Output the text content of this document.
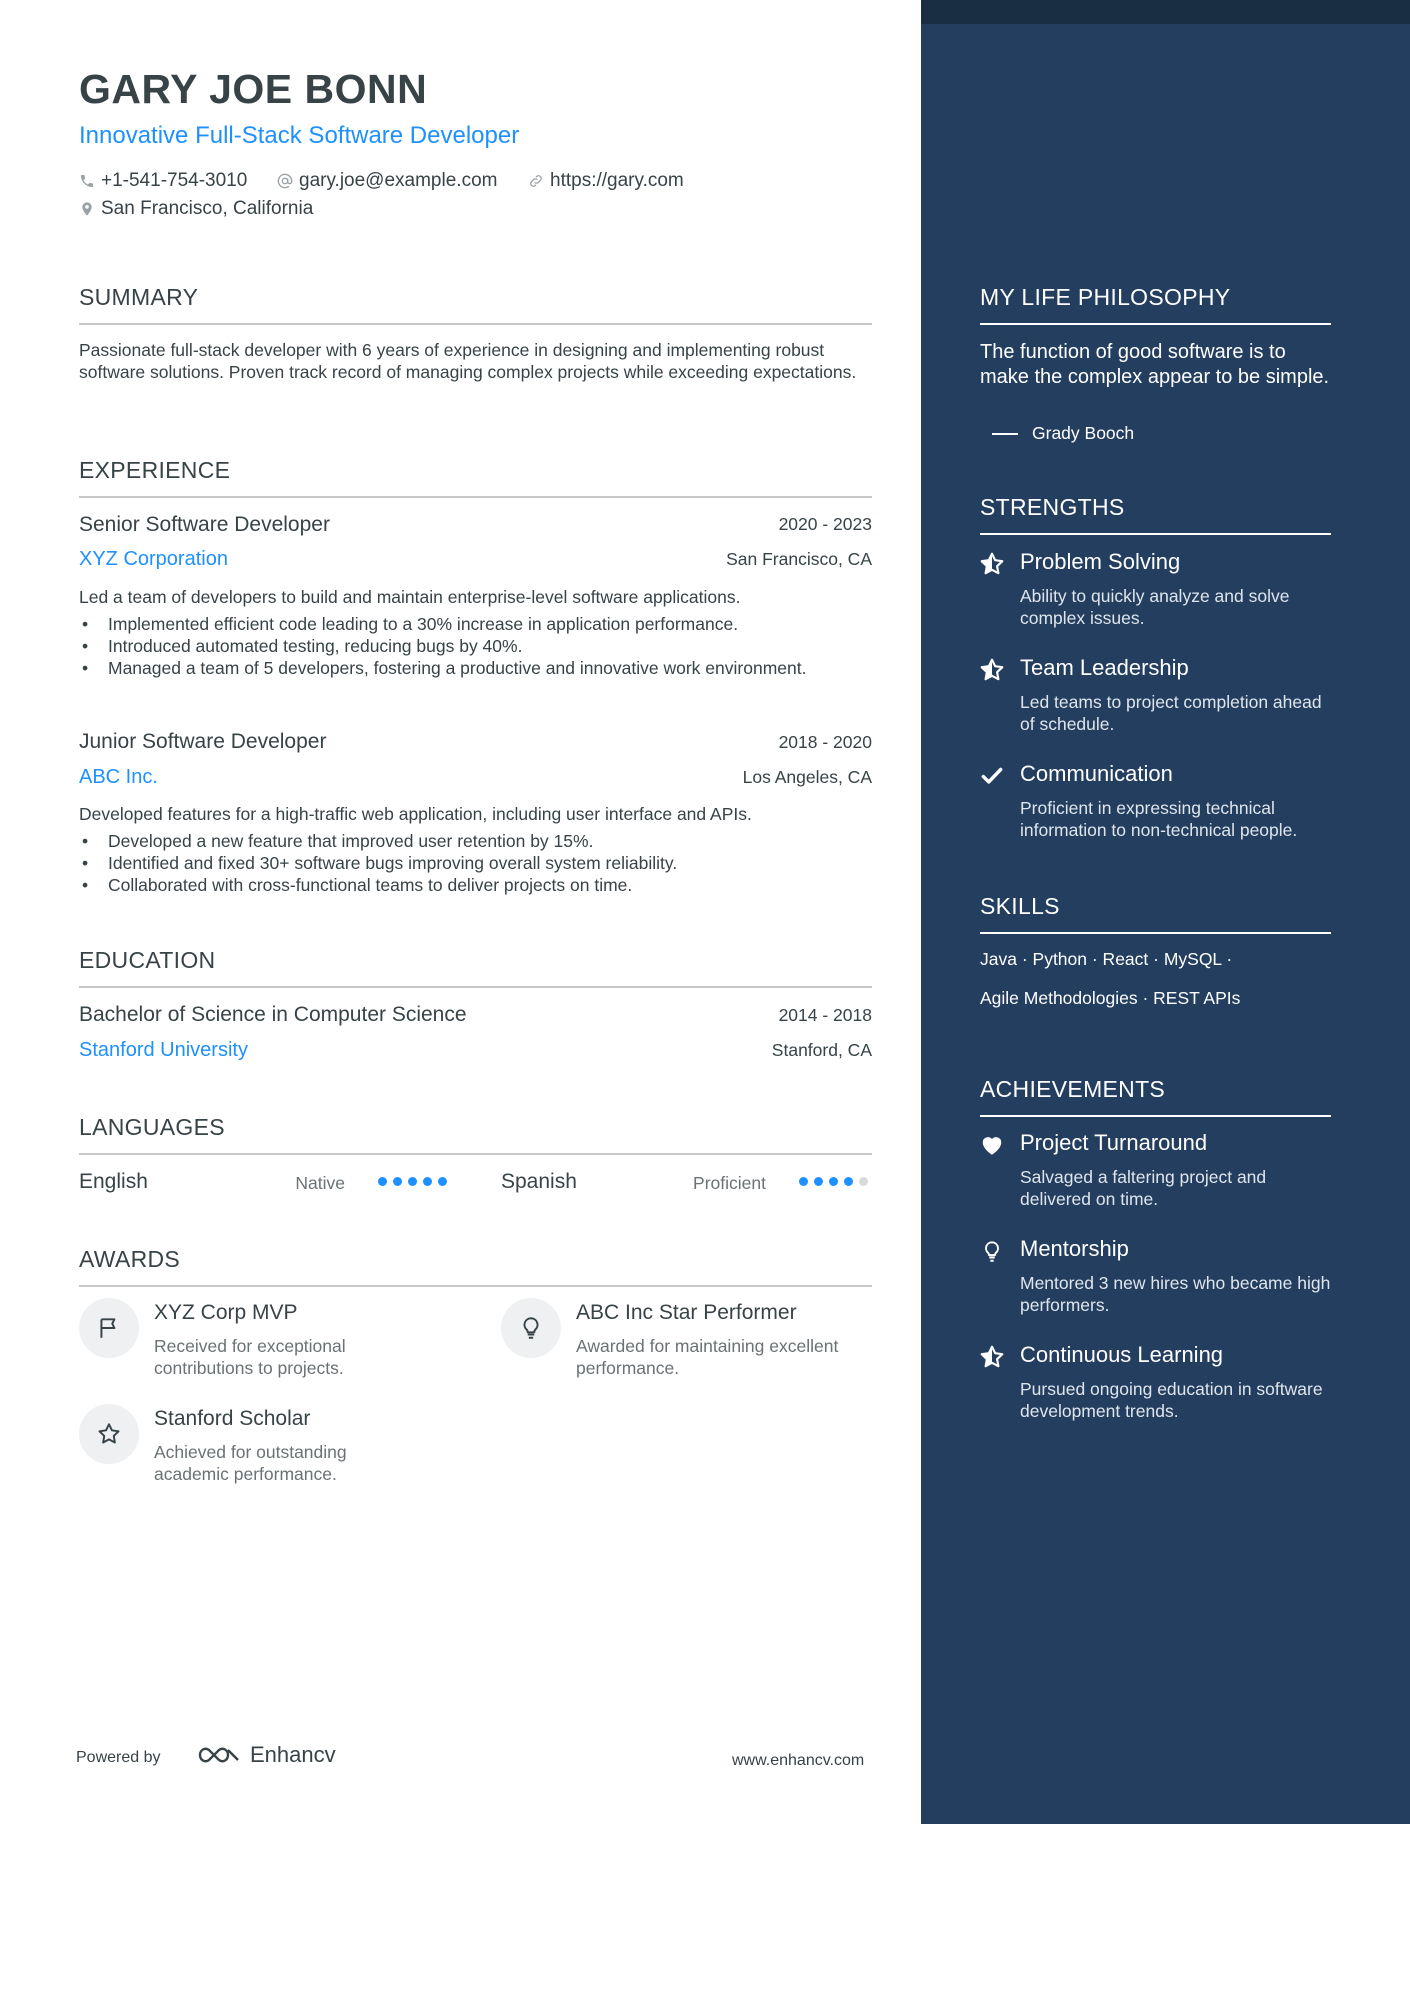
GARY JOE BONN
Innovative Full-Stack Software Developer
+1-541-754-3010	gary.joe@example.com	https://gary.com
San Francisco, California
SUMMARY
Passionate full-stack developer with 6 years of experience in designing and implementing robust software solutions. Proven track record of managing complex projects while exceeding expectations.
EXPERIENCE
Senior Software Developer	2020 - 2023
XYZ Corporation	San Francisco, CA
Led a team of developers to build and maintain enterprise-level software applications.
• Implemented efficient code leading to a 30% increase in application performance.
• Introduced automated testing, reducing bugs by 40%.
• Managed a team of 5 developers, fostering a productive and innovative work environment.
Junior Software Developer	2018 - 2020
ABC Inc.	Los Angeles, CA
Developed features for a high-traffic web application, including user interface and APIs.
• Developed a new feature that improved user retention by 15%.
• Identified and fixed 30+ software bugs improving overall system reliability.
• Collaborated with cross-functional teams to deliver projects on time.
EDUCATION
Bachelor of Science in Computer Science	2014 - 2018
Stanford University	Stanford, CA
LANGUAGES
English	Native	Spanish	Proficient
AWARDS
XYZ Corp MVP
Received for exceptional contributions to projects.
ABC Inc Star Performer
Awarded for maintaining excellent performance.
Stanford Scholar
Achieved for outstanding academic performance.
Powered by	Enhancv	www.enhancv.com
MY LIFE PHILOSOPHY
The function of good software is to make the complex appear to be simple.
Grady Booch
STRENGTHS
Problem Solving
Ability to quickly analyze and solve complex issues.
Team Leadership
Led teams to project completion ahead of schedule.
Communication
Proficient in expressing technical information to non-technical people.
SKILLS
Java · Python · React · MySQL ·
Agile Methodologies · REST APIs
ACHIEVEMENTS
Project Turnaround
Salvaged a faltering project and delivered on time.
Mentorship
Mentored 3 new hires who became high performers.
Continuous Learning
Pursued ongoing education in software development trends.
